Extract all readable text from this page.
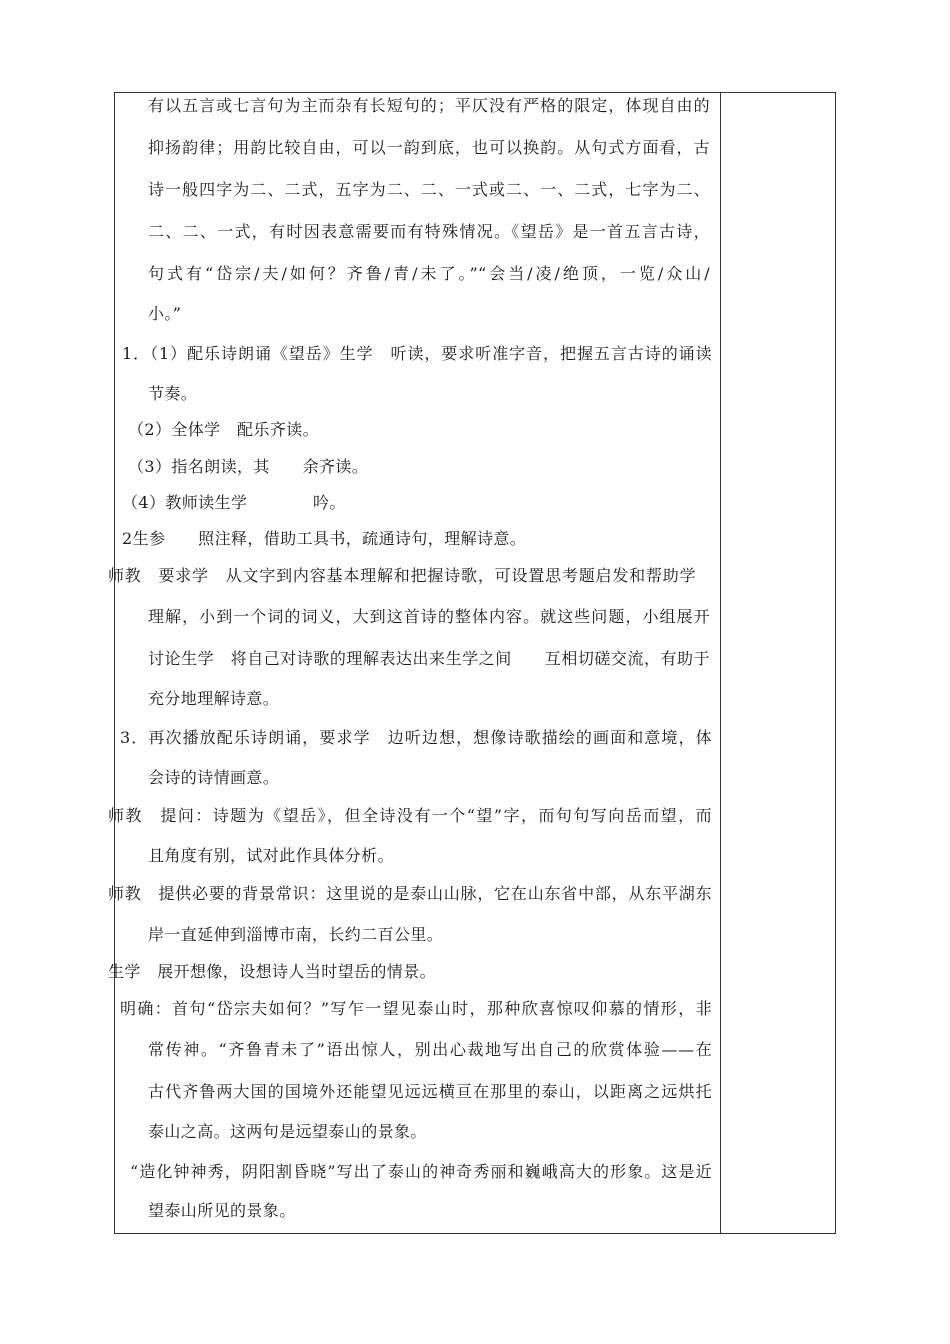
有以五言或七言句为主而杂有长短句的；平仄没有严格的限定，体现自由的
抑扬韵律；用韵比较自由，可以一韵到底，也可以换韵。从句式方面看，古
诗一般四字为二、二式，五字为二、二、一式或二、一、二式，七字为二、
二、二、一式，有时因表意需要而有特殊情况。《望岳》是一首五言古诗，
句式有“岱宗/夫/如何？齐鲁/青/未了。”“会当/凌/绝顶，一览/众山/
小。”
1．（1）配乐诗朗诵《望岳》生学　听读，要求听准字音，把握五言古诗的诵读
节奏。
（2）全体学　配乐齐读。
（3）指名朗读，其　　余齐读。
（4）教师读生学　　　　吟。
2生参　　照注释，借助工具书，疏通诗句，理解诗意。
师教　要求学　从文字到内容基本理解和把握诗歌，可设置思考题启发和帮助学
理解，小到一个词的词义，大到这首诗的整体内容。就这些问题，小组展开
讨论生学　将自己对诗歌的理解表达出来生学之间　　互相切磋交流，有助于
充分地理解诗意。
3．再次播放配乐诗朗诵，要求学　边听边想，想像诗歌描绘的画面和意境，体
会诗的诗情画意。
师教　提问：诗题为《望岳》，但全诗没有一个“望”字，而句句写向岳而望，而
且角度有别，试对此作具体分析。
师教　提供必要的背景常识：这里说的是泰山山脉，它在山东省中部，从东平湖东
岸一直延伸到淄博市南，长约二百公里。
生学　展开想像，设想诗人当时望岳的情景。
明确：首句“岱宗夫如何？”写乍一望见泰山时，那种欣喜惊叹仰慕的情形，非
常传神。“齐鲁青未了”语出惊人，别出心裁地写出自己的欣赏体验——在
古代齐鲁两大国的国境外还能望见远远横亘在那里的泰山，以距离之远烘托
泰山之高。这两句是远望泰山的景象。
“造化钟神秀，阴阳割昏晓”写出了泰山的神奇秀丽和巍峨高大的形象。这是近
望泰山所见的景象。
